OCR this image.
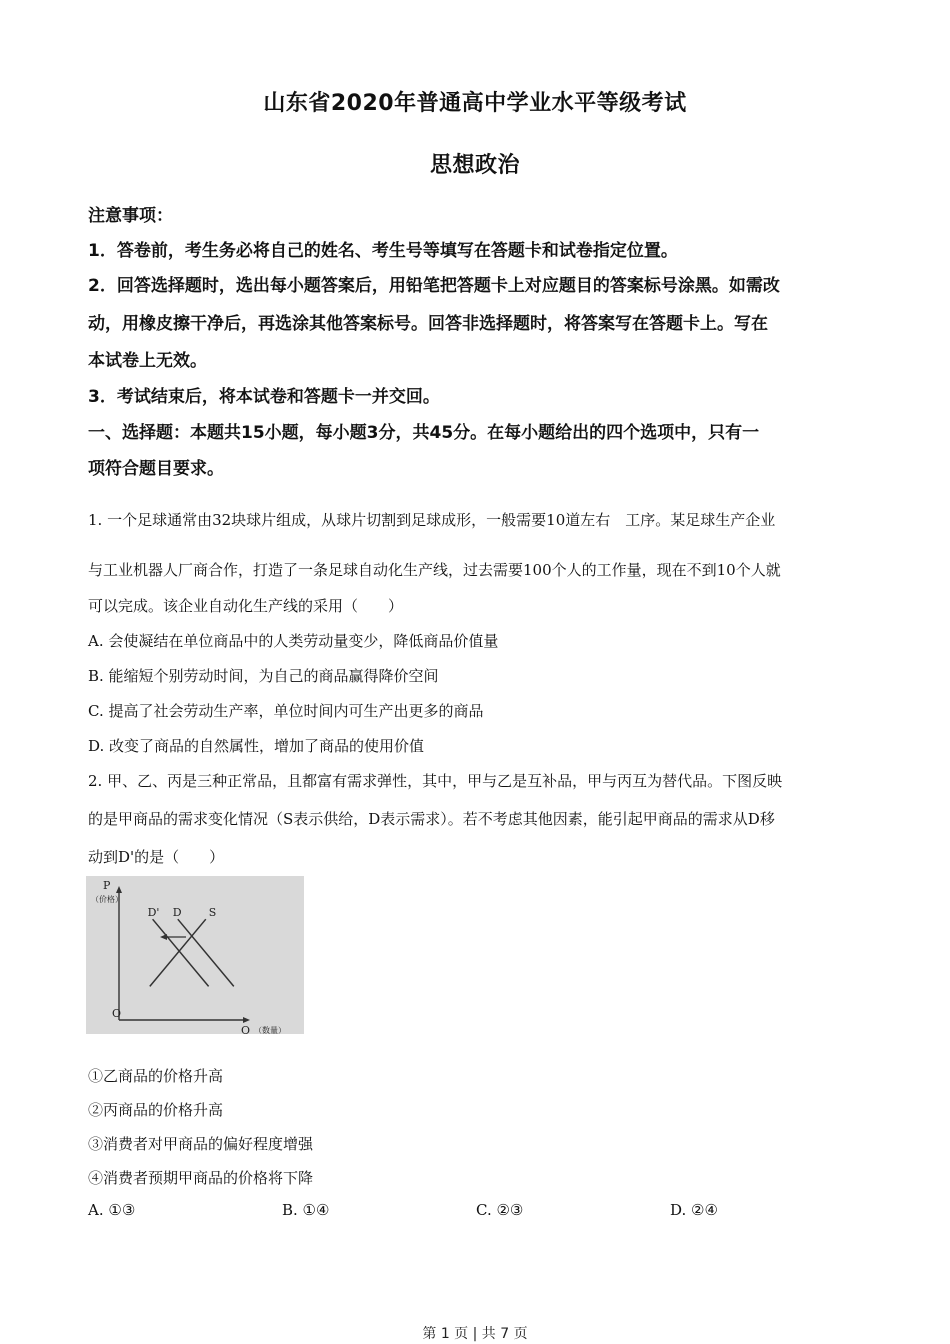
山东省2020年普通高中学业水平等级考试
思想政治
注意事项：
1．答卷前，考生务必将自己的姓名、考生号等填写在答题卡和试卷指定位置。
2．回答选择题时，选出每小题答案后，用铅笔把答题卡上对应题目的答案标号涂黑。如需改
动，用橡皮擦干净后，再选涂其他答案标号。回答非选择题时，将答案写在答题卡上。写在
本试卷上无效。
3．考试结束后，将本试卷和答题卡一并交回。
一、选择题：本题共15小题，每小题3分，共45分。在每小题给出的四个选项中，只有一
项符合题目要求。
1. 一个足球通常由32块球片组成，从球片切割到足球成形，一般需要10道左右　工序。某足球生产企业
与工业机器人厂商合作，打造了一条足球自动化生产线，过去需要100个人的工作量，现在不到10个人就
可以完成。该企业自动化生产线的采用（　　）
A. 会使凝结在单位商品中的人类劳动量变少，降低商品价值量
B. 能缩短个别劳动时间，为自己的商品赢得降价空间
C. 提高了社会劳动生产率，单位时间内可生产出更多的商品
D. 改变了商品的自然属性，增加了商品的使用价值
2. 甲、乙、丙是三种正常品，且都富有需求弹性，其中，甲与乙是互补品，甲与丙互为替代品。下图反映
的是甲商品的需求变化情况（S表示供给，D表示需求）。若不考虑其他因素，能引起甲商品的需求从D移
动到D'的是（　　）
P
（价格）
Q （数量）
O
D' D S
①乙商品的价格升高
②丙商品的价格升高
③消费者对甲商品的偏好程度增强
④消费者预期甲商品的价格将下降
A. ①③	B. ①④	C. ②③	D. ②④
第 1 页 | 共 7 页
